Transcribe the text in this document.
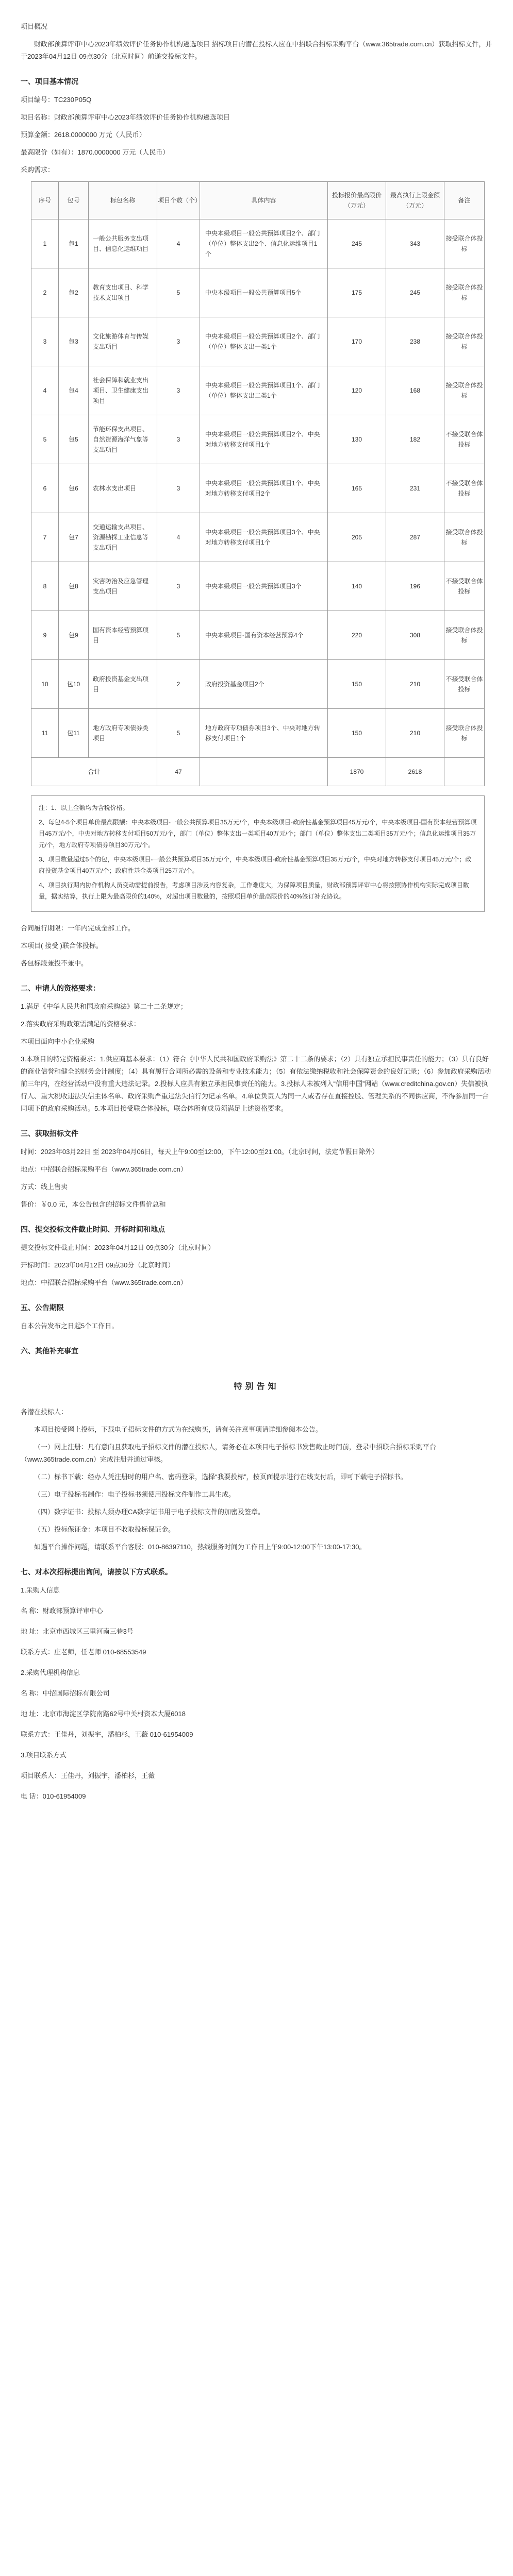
项目概况

财政部预算评审中心2023年绩效评价任务协作机构遴选项目 招标项目的潜在投标人应在中招联合招标采购平台（www.365trade.com.cn）获取招标文件，并于2023年04月12日 09点30分（北京时间）前递交投标文件。

一、项目基本情况

项目编号：TC230P05Q

项目名称：财政部预算评审中心2023年绩效评价任务协作机构遴选项目

预算金额：2618.0000000 万元（人民币）

最高限价（如有）：1870.0000000 万元（人民币）

采购需求：

序号	包号	标包名称	项目个数（个）	具体内容	投标报价最高限价（万元）	最高执行上限金额（万元）	备注
1	包1	一般公共服务支出项目、信息化运维项目	4	中央本级项目一般公共预算项目2个、部门（单位）整体支出2个、信息化运维项目1个	245	343	接受联合体投标
2	包2	教育支出项目、科学技术支出项目	5	中央本级项目一般公共预算项目5个	175	245	接受联合体投标
3	包3	文化旅游体育与传媒支出项目	3	中央本级项目一般公共预算项目2个、部门（单位）整体支出一类1个	170	238	接受联合体投标
4	包4	社会保障和就业支出项目、卫生健康支出项目	3	中央本级项目一般公共预算项目1个、部门（单位）整体支出二类1个	120	168	接受联合体投标
5	包5	节能环保支出项目、自然资源海洋气象等支出项目	3	中央本级项目一般公共预算项目2个、中央对地方转移支付项目1个	130	182	不接受联合体投标
6	包6	农林水支出项目	3	中央本级项目一般公共预算项目1个、中央对地方转移支付项目2个	165	231	不接受联合体投标
7	包7	交通运输支出项目、资源勘探工业信息等支出项目	4	中央本级项目一般公共预算项目3个、中央对地方转移支付项目1个	205	287	接受联合体投标
8	包8	灾害防治及应急管理支出项目	3	中央本级项目一般公共预算项目3个	140	196	不接受联合体投标
9	包9	国有资本经营预算项目	5	中央本级项目-国有资本经营预算4个	220	308	接受联合体投标
10	包10	政府投资基金支出项目	2	政府投资基金项目2个	150	210	不接受联合体投标
11	包11	地方政府专项债券类项目	5	地方政府专项债券项目3个、中央对地方转移支付项目1个	150	210	接受联合体投标
合计			47		1870	2618	

注：1、以上金额均为含税价格。

2、每包4-5个项目单价最高限额：中央本级项目-一般公共预算项目35万元/个，中央本级项目-政府性基金预算项目45万元/个，中央本级项目-国有资本经营预算项目45万元/个，中央对地方转移支付项目50万元/个，部门（单位）整体支出一类项目40万元/个；部门（单位）整体支出二类项目35万元/个；信息化运维项目35万元/个，地方政府专项债券项目30万元/个。

3、项目数量超过5个的包，中央本级项目-一般公共预算项目35万元/个，中央本级项目-政府性基金预算项目35万元/个，中央对地方转移支付项目45万元/个；政府投资基金项目40万元/个；政府性基金类项目25万元/个。

4、项目执行期内协作机构人员变动需提前报告，考虑项目涉及内容复杂，工作难度大，为保障项目质量，财政部预算评审中心将按照协作机构实际完成项目数量，据实结算，执行上限为最高限价的140%，对超出项目数量的，按照项目单价最高限价的40%签订补充协议。

合同履行期限：一年内完成全部工作。

本项目( 接受 )联合体投标。

各包标段兼投不兼中。

二、申请人的资格要求：

1.满足《中华人民共和国政府采购法》第二十二条规定；

2.落实政府采购政策需满足的资格要求：

本项目面向中小企业采购

3.本项目的特定资格要求：1.供应商基本要求：（1）符合《中华人民共和国政府采购法》第二十二条的要求；（2）具有独立承担民事责任的能力；（3）具有良好的商业信誉和健全的财务会计制度；（4）具有履行合同所必需的设备和专业技术能力；（5）有依法缴纳税收和社会保障资金的良好记录；（6）参加政府采购活动前三年内，在经营活动中没有重大违法记录。2.投标人应具有独立承担民事责任的能力。3.投标人未被列入“信用中国”网站（www.creditchina.gov.cn）失信被执行人、重大税收违法失信主体名单、政府采购严重违法失信行为记录名单。4.单位负责人为同一人或者存在直接控股、管理关系的不同供应商，不得参加同一合同项下的政府采购活动。5.本项目接受联合体投标，联合体所有成员须满足上述资格要求。

三、获取招标文件

时间：2023年03月22日 至 2023年04月06日，每天上午9:00至12:00，下午12:00至21:00。（北京时间，法定节假日除外）

地点：中招联合招标采购平台（www.365trade.com.cn）

方式：线上售卖

售价：￥0.0 元，本公告包含的招标文件售价总和

四、提交投标文件截止时间、开标时间和地点

提交投标文件截止时间：2023年04月12日 09点30分（北京时间）

开标时间：2023年04月12日 09点30分（北京时间）

地点：中招联合招标采购平台（www.365trade.com.cn）

五、公告期限

自本公告发布之日起5个工作日。

六、其他补充事宜
特别告知

各潜在投标人：

本项目接受网上投标，下载电子招标文件的方式为在线购买，请有关注意事项请详细参阅本公告。

（一）网上注册：凡有意向且获取电子招标文件的潜在投标人，请务必在本项目电子招标书发售截止时间前，登录中招联合招标采购平台（www.365trade.com.cn）完成注册并通过审核。

（二）标书下载：经办人凭注册时的用户名、密码登录，选择“我要投标”，按页面提示进行在线支付后，即可下载电子招标书。

（三）电子投标书制作：电子投标书须使用投标文件制作工具生成。

（四）数字证书：投标人须办理CA数字证书用于电子投标文件的加密及签章。

（五）投标保证金：本项目不收取投标保证金。

如遇平台操作问题，请联系平台客服：010-86397110，热线服务时间为工作日上午9:00-12:00下午13:00-17:30。

七、对本次招标提出询问，请按以下方式联系。

1.采购人信息

名 称：财政部预算评审中心

地 址：北京市西城区三里河南三巷3号

联系方式：庄老师，任老师 010-68553549

2.采购代理机构信息

名 称：中招国际招标有限公司

地 址：北京市海淀区学院南路62号中关村资本大厦6018

联系方式：王佳丹，刘振宇，潘柏杉，王薇 010-61954009

3.项目联系方式

项目联系人：王佳丹，刘振宇，潘柏杉，王薇

电 话：010-61954009
